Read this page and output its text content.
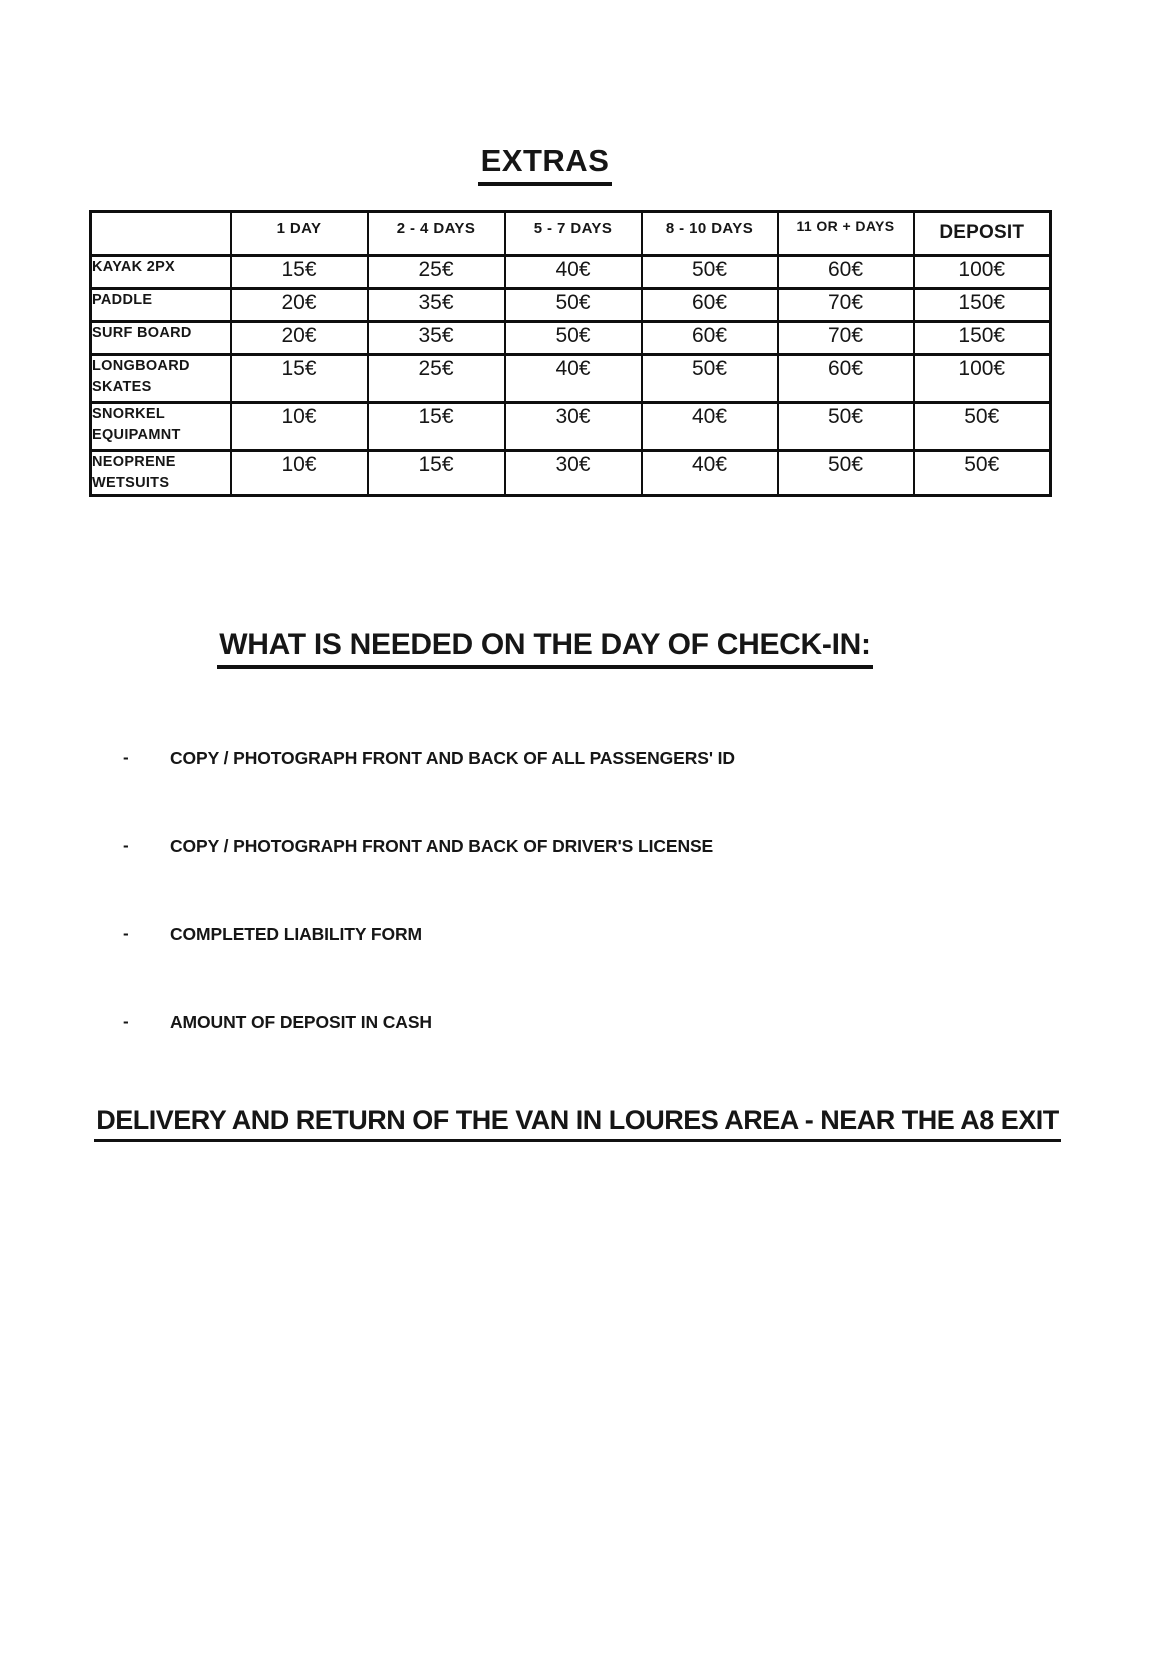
EXTRAS
	1 DAY	2 - 4 DAYS	5 - 7 DAYS	8 - 10 DAYS	11 OR + DAYS	DEPOSIT
KAYAK 2PX	15€	25€	40€	50€	60€	100€
PADDLE	20€	35€	50€	60€	70€	150€
SURF BOARD	20€	35€	50€	60€	70€	150€
LONGBOARD SKATES	15€	25€	40€	50€	60€	100€
SNORKEL EQUIPAMNT	10€	15€	30€	40€	50€	50€
NEOPRENE WETSUITS	10€	15€	30€	40€	50€	50€
WHAT IS NEEDED ON THE DAY OF CHECK-IN:
-	COPY / PHOTOGRAPH FRONT AND BACK OF ALL PASSENGERS' ID
-	COPY / PHOTOGRAPH FRONT AND BACK OF DRIVER'S LICENSE
-	COMPLETED LIABILITY FORM
-	AMOUNT OF DEPOSIT IN CASH
DELIVERY AND RETURN OF THE VAN IN LOURES AREA - NEAR THE A8 EXIT
